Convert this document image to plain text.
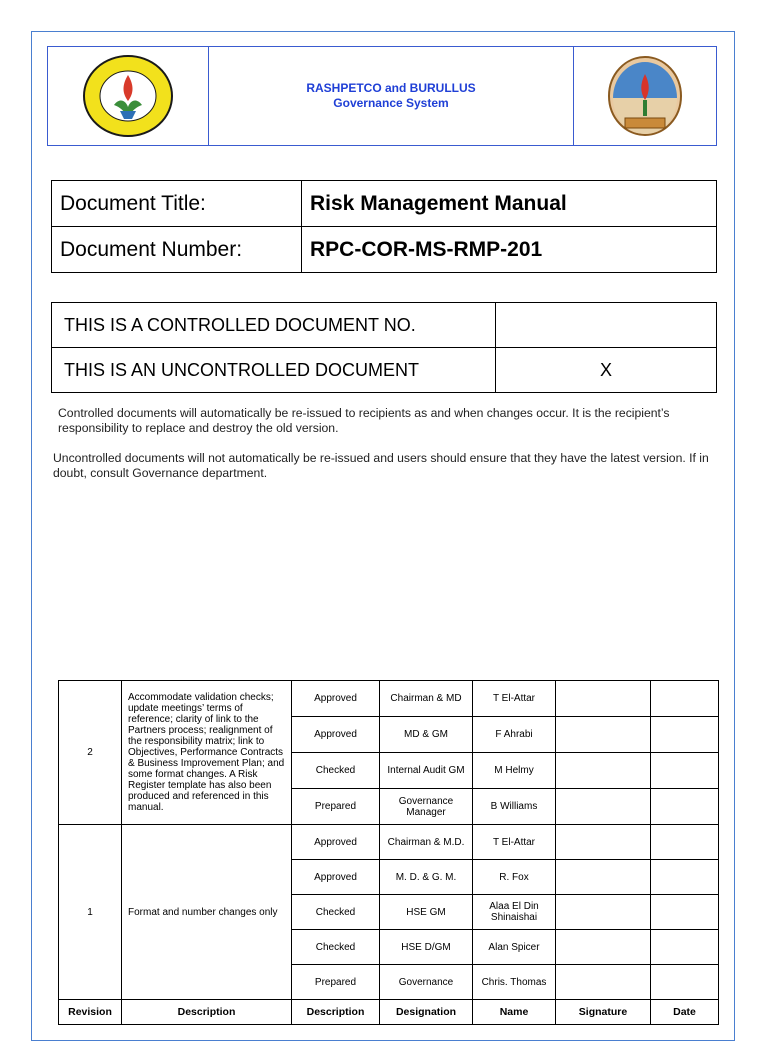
RASHPETCO and BURULLUS
Governance System
Document Title:	Risk Management Manual
Document Number:	RPC-COR-MS-RMP-201
THIS IS A CONTROLLED DOCUMENT NO.	
THIS IS AN UNCONTROLLED DOCUMENT	X
Controlled documents will automatically be re-issued to recipients as and when changes occur. It is the recipient’s responsibility to replace and destroy the old version.
Uncontrolled documents will not automatically be re-issued and users should ensure that they have the latest version. If in doubt, consult Governance department.
2	Accommodate validation checks; update meetings’ terms of reference; clarity of link to the Partners process; realignment of the responsibility matrix; link to Objectives, Performance Contracts & Business Improvement Plan; and some format changes. A Risk Register template has also been produced and referenced in this manual.	Approved	Chairman & MD	T El-Attar		
		Approved	MD & GM	F Ahrabi		
		Checked	Internal Audit GM	M Helmy		
		Prepared	Governance Manager	B Williams		
1	Format and number changes only	Approved	Chairman & M.D.	T El-Attar		
		Approved	M. D. & G. M.	R. Fox		
		Checked	HSE GM	Alaa El Din Shinaishai		
		Checked	HSE D/GM	Alan Spicer		
		Prepared	Governance	Chris. Thomas		
Revision	Description	Description	Designation	Name	Signature	Date
